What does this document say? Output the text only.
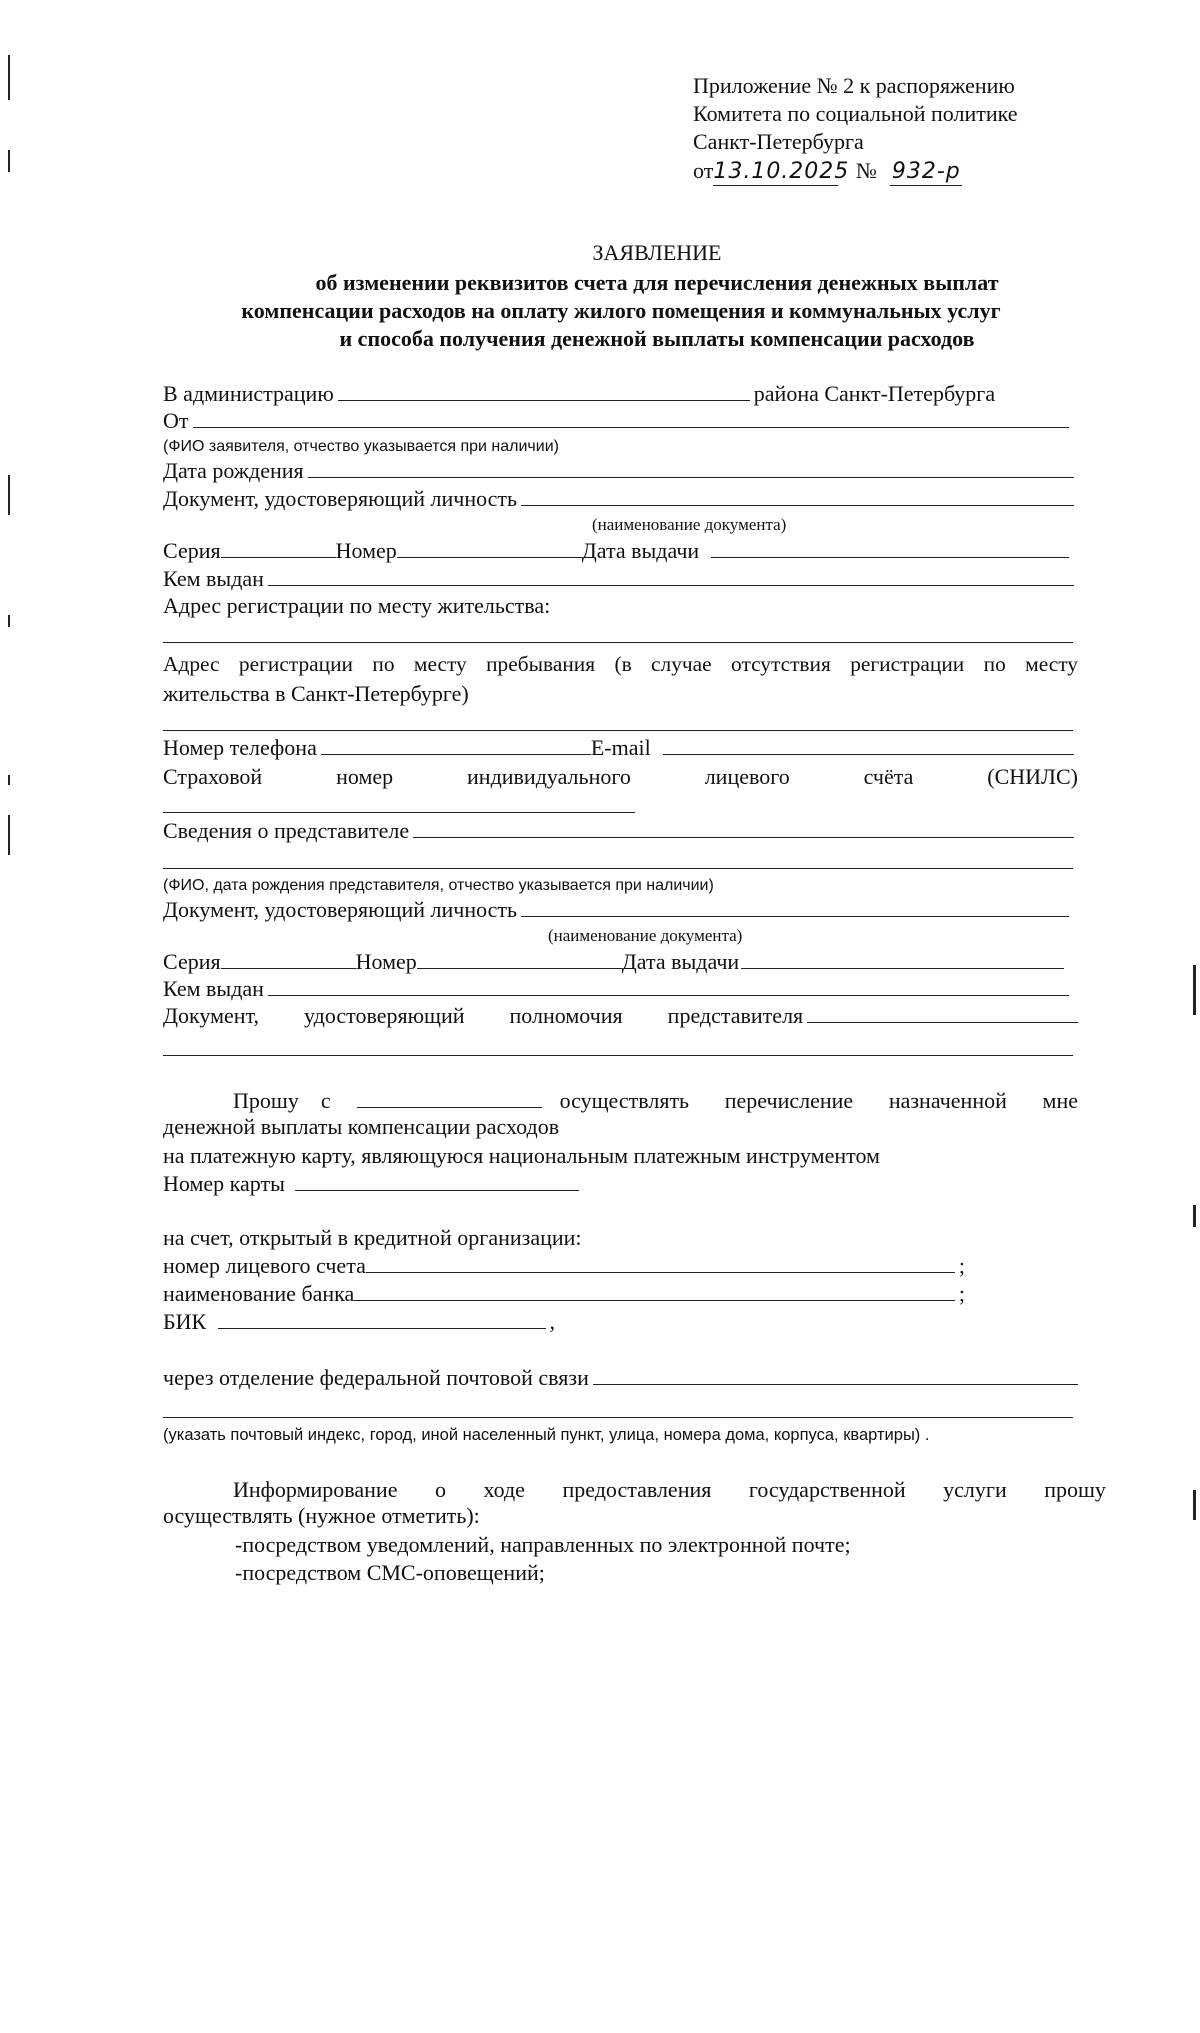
Приложение № 2 к распоряжению
Комитета по социальной политике
Санкт-Петербурга
от13.10.2025 № 932-р
ЗАЯВЛЕНИЕ
об изменении реквизитов счета для перечисления денежных выплат
компенсации расходов на оплату жилого помещения и коммунальных услуг
и способа получения денежной выплаты компенсации расходов
В администрацию	района Санкт-Петербурга
От
(ФИО заявителя, отчество указывается при наличии)
Дата рождения
Документ, удостоверяющий личность
(наименование документа)
Серия	Номер	Дата выдачи
Кем выдан
Адрес регистрации по месту жительства:
Адрес регистрации по месту пребывания (в случае отсутствия регистрации по месту
жительства в Санкт-Петербурге)
Номер телефона	E-mail
Страховой	номер	индивидуального	лицевого	счёта	(СНИЛС)
Сведения о представителе
(ФИО, дата рождения представителя, отчество указывается при наличии)
Документ, удостоверяющий личность
(наименование документа)
Серия	Номер	Дата выдачи
Кем выдан
Документ, удостоверяющий полномочия представителя
Прошу с	осуществлять перечисление назначенной мне
денежной выплаты компенсации расходов
на платежную карту, являющуюся национальным платежным инструментом
Номер карты
на счет, открытый в кредитной организации:
номер лицевого счета	;
наименование банка	;
БИК	,
через отделение федеральной почтовой связи
(указать почтовый индекс, город, иной населенный пункт, улица, номера дома, корпуса, квартиры) .
Информирование о ходе предоставления государственной услуги прошу
осуществлять (нужное отметить):
-посредством уведомлений, направленных по электронной почте;
-посредством СМС-оповещений;
